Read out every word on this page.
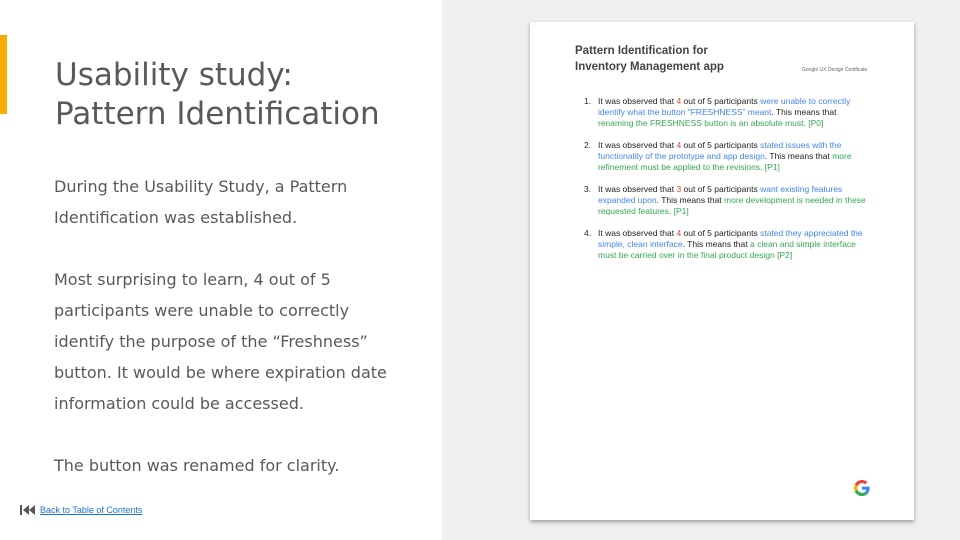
Usability study:
Pattern Identification

During the Usability Study, a Pattern Identification was established.

Most surprising to learn, 4 out of 5 participants were unable to correctly identify the purpose of the “Freshness” button. It would be where expiration date information could be accessed.

The button was renamed for clarity.

Back to Table of Contents
Pattern Identification for
Inventory Management app	Google UX Design Certificate
1. It was observed that 4 out of 5 participants were unable to correctly identify what the button “FRESHNESS” meant. This means that renaming the FRESHNESS button is an absolute must. [P0]
2. It was observed that 4 out of 5 participants stated issues with the functionality of the prototype and app design. This means that more refinement must be applied to the revisions. [P1]
3. It was observed that 3 out of 5 participants want existing features expanded upon. This means that more development is needed in these requested features. [P1]
4. It was observed that 4 out of 5 participants stated they appreciated the simple, clean interface. This means that a clean and simple interface must be carried over in the final product design [P2]
